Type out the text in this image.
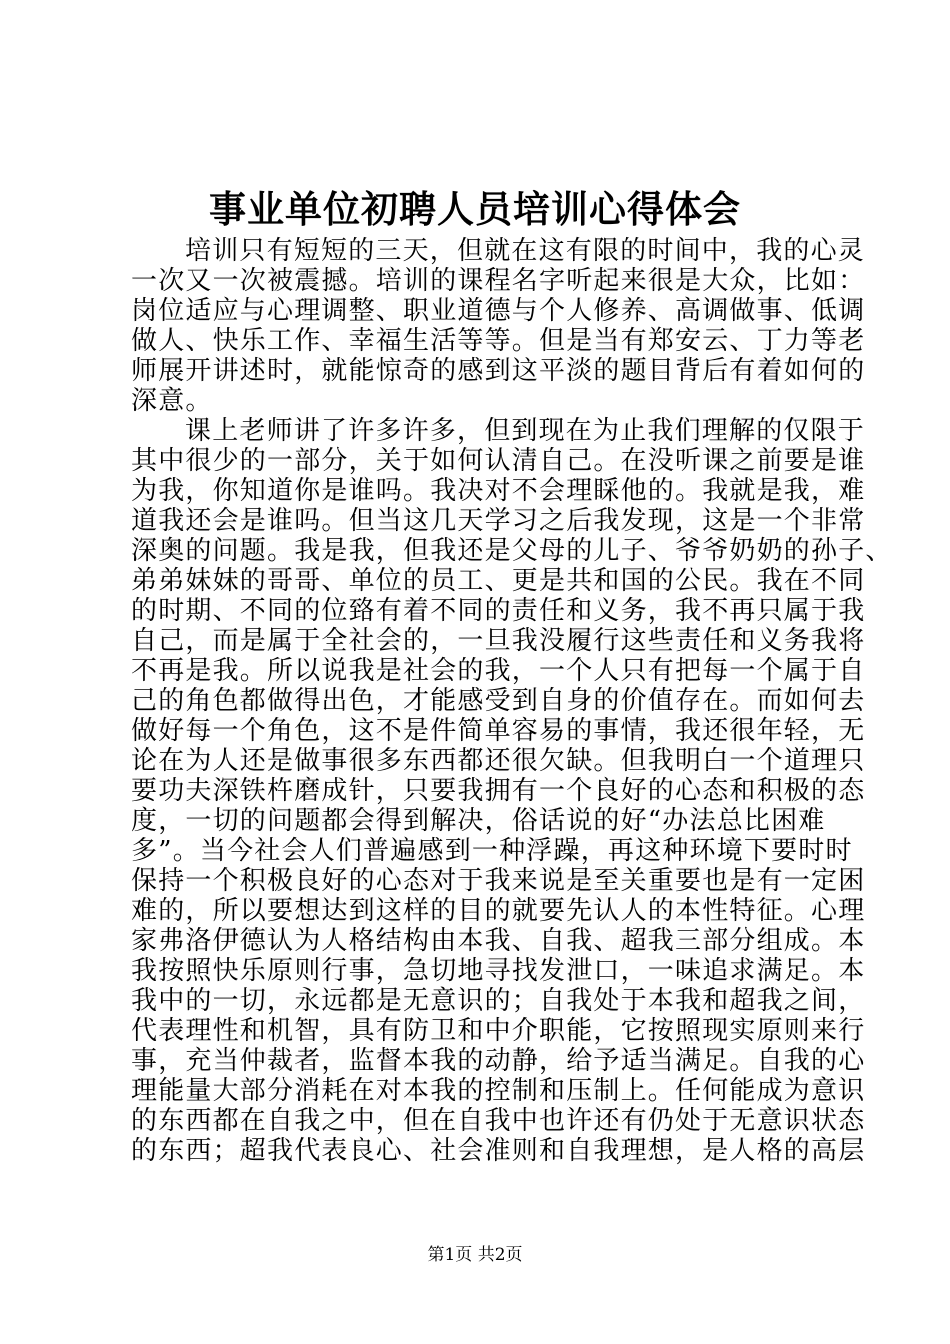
事业单位初聘人员培训心得体会
培训只有短短的三天，但就在这有限的时间中，我的心灵
一次又一次被震撼。培训的课程名字听起来很是大众，比如：
岗位适应与心理调整、职业道德与个人修养、高调做事、低调
做人、快乐工作、幸福生活等等。但是当有郑安云、丁力等老
师展开讲述时，就能惊奇的感到这平淡的题目背后有着如何的
深意。
课上老师讲了许多许多，但到现在为止我们理解的仅限于
其中很少的一部分，关于如何认清自己。在没听课之前要是谁
为我，你知道你是谁吗。我决对不会理睬他的。我就是我，难
道我还会是谁吗。但当这几天学习之后我发现，这是一个非常
深奥的问题。我是我，但我还是父母的儿子、爷爷奶奶的孙子、
弟弟妹妹的哥哥、单位的员工、更是共和国的公民。我在不同
的时期、不同的位臵有着不同的责任和义务，我不再只属于我
自己，而是属于全社会的，一旦我没履行这些责任和义务我将
不再是我。所以说我是社会的我，一个人只有把每一个属于自
己的角色都做得出色，才能感受到自身的价值存在。而如何去
做好每一个角色，这不是件简单容易的事情，我还很年轻，无
论在为人还是做事很多东西都还很欠缺。但我明白一个道理只
要功夫深铁杵磨成针，只要我拥有一个良好的心态和积极的态
度，一切的问题都会得到解决，俗话说的好“办法总比困难
多”。当今社会人们普遍感到一种浮躁，再这种环境下要时时
保持一个积极良好的心态对于我来说是至关重要也是有一定困
难的，所以要想达到这样的目的就要先认人的本性特征。心理
家弗洛伊德认为人格结构由本我、自我、超我三部分组成。本
我按照快乐原则行事，急切地寻找发泄口，一味追求满足。本
我中的一切，永远都是无意识的；自我处于本我和超我之间，
代表理性和机智，具有防卫和中介职能，它按照现实原则来行
事，充当仲裁者，监督本我的动静，给予适当满足。自我的心
理能量大部分消耗在对本我的控制和压制上。任何能成为意识
的东西都在自我之中，但在自我中也许还有仍处于无意识状态
的东西；超我代表良心、社会准则和自我理想，是人格的高层
第1页 共2页
